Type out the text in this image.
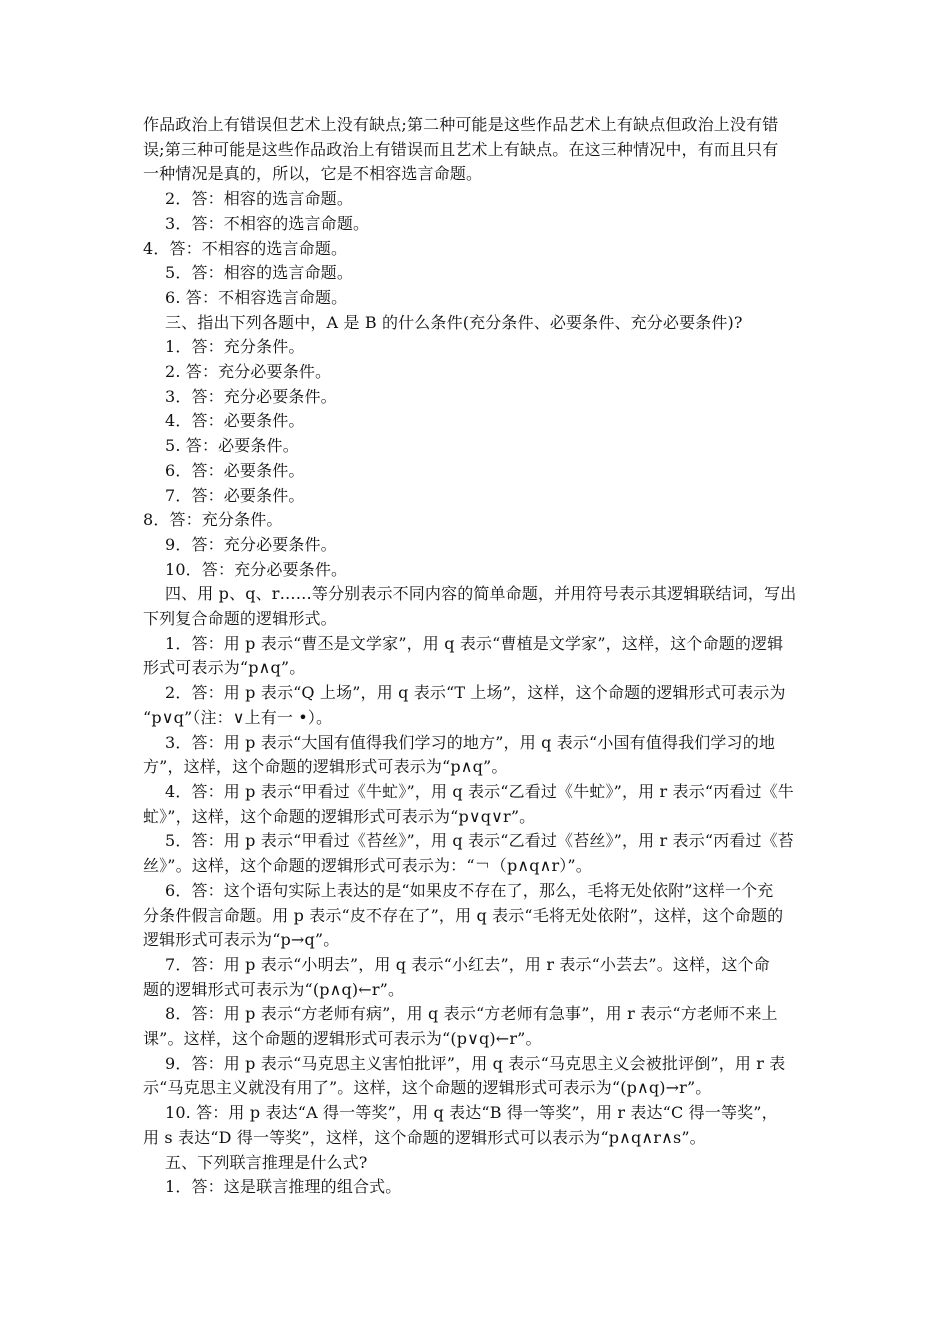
作品政治上有错误但艺术上没有缺点;第二种可能是这些作品艺术上有缺点但政治上没有错
误;第三种可能是这些作品政治上有错误而且艺术上有缺点。在这三种情况中，有而且只有
一种情况是真的，所以，它是不相容选言命题。
2．答：相容的选言命题。
3．答：不相容的选言命题。
4．答：不相容的选言命题。
5．答：相容的选言命题。
6. 答：不相容选言命题。
三、指出下列各题中，A 是 B 的什么条件(充分条件、必要条件、充分必要条件)?
1．答：充分条件。
2. 答：充分必要条件。
3．答：充分必要条件。
4．答：必要条件。
5. 答：必要条件。
6．答：必要条件。
7．答：必要条件。
8．答：充分条件。
9．答：充分必要条件。
10．答：充分必要条件。
四、用 p、q、r……等分别表示不同内容的简单命题，并用符号表示其逻辑联结词，写出
下列复合命题的逻辑形式。
1．答：用 p 表示“曹丕是文学家”，用 q 表示“曹植是文学家”，这样，这个命题的逻辑
形式可表示为“p∧q”。
2．答：用 p 表示“Q 上场”，用 q 表示“T 上场”，这样，这个命题的逻辑形式可表示为
“p∨q”（注：∨上有一 •）。
3．答：用 p 表示“大国有值得我们学习的地方”，用 q 表示“小国有值得我们学习的地
方”，这样，这个命题的逻辑形式可表示为“p∧q”。
4．答：用 p 表示“甲看过《牛虻》”，用 q 表示“乙看过《牛虻》”，用 r 表示“丙看过《牛
虻》”，这样，这个命题的逻辑形式可表示为“p∨q∨r”。
5．答：用 p 表示“甲看过《苔丝》”，用 q 表示“乙看过《苔丝》”，用 r 表示“丙看过《苔
丝》”。这样，这个命题的逻辑形式可表示为：“￢（p∧q∧r）”。
6．答：这个语句实际上表达的是“如果皮不存在了，那么，毛将无处依附”这样一个充
分条件假言命题。用 p 表示“皮不存在了”，用 q 表示“毛将无处依附”，这样，这个命题的
逻辑形式可表示为“p→q”。
7．答：用 p 表示“小明去”，用 q 表示“小红去”，用 r 表示“小芸去”。这样，这个命
题的逻辑形式可表示为“(p∧q)←r”。
8．答：用 p 表示“方老师有病”，用 q 表示“方老师有急事”，用 r 表示“方老师不来上
课”。这样，这个命题的逻辑形式可表示为“(p∨q)←r”。
9．答：用 p 表示“马克思主义害怕批评”，用 q 表示“马克思主义会被批评倒”，用 r 表
示“马克思主义就没有用了”。这样，这个命题的逻辑形式可表示为“(p∧q)→r”。
10. 答：用 p 表达“A 得一等奖”，用 q 表达“B 得一等奖”，用 r 表达“C 得一等奖”，
用 s 表达“D 得一等奖”，这样，这个命题的逻辑形式可以表示为“p∧q∧r∧s”。
五、下列联言推理是什么式?
1．答：这是联言推理的组合式。
